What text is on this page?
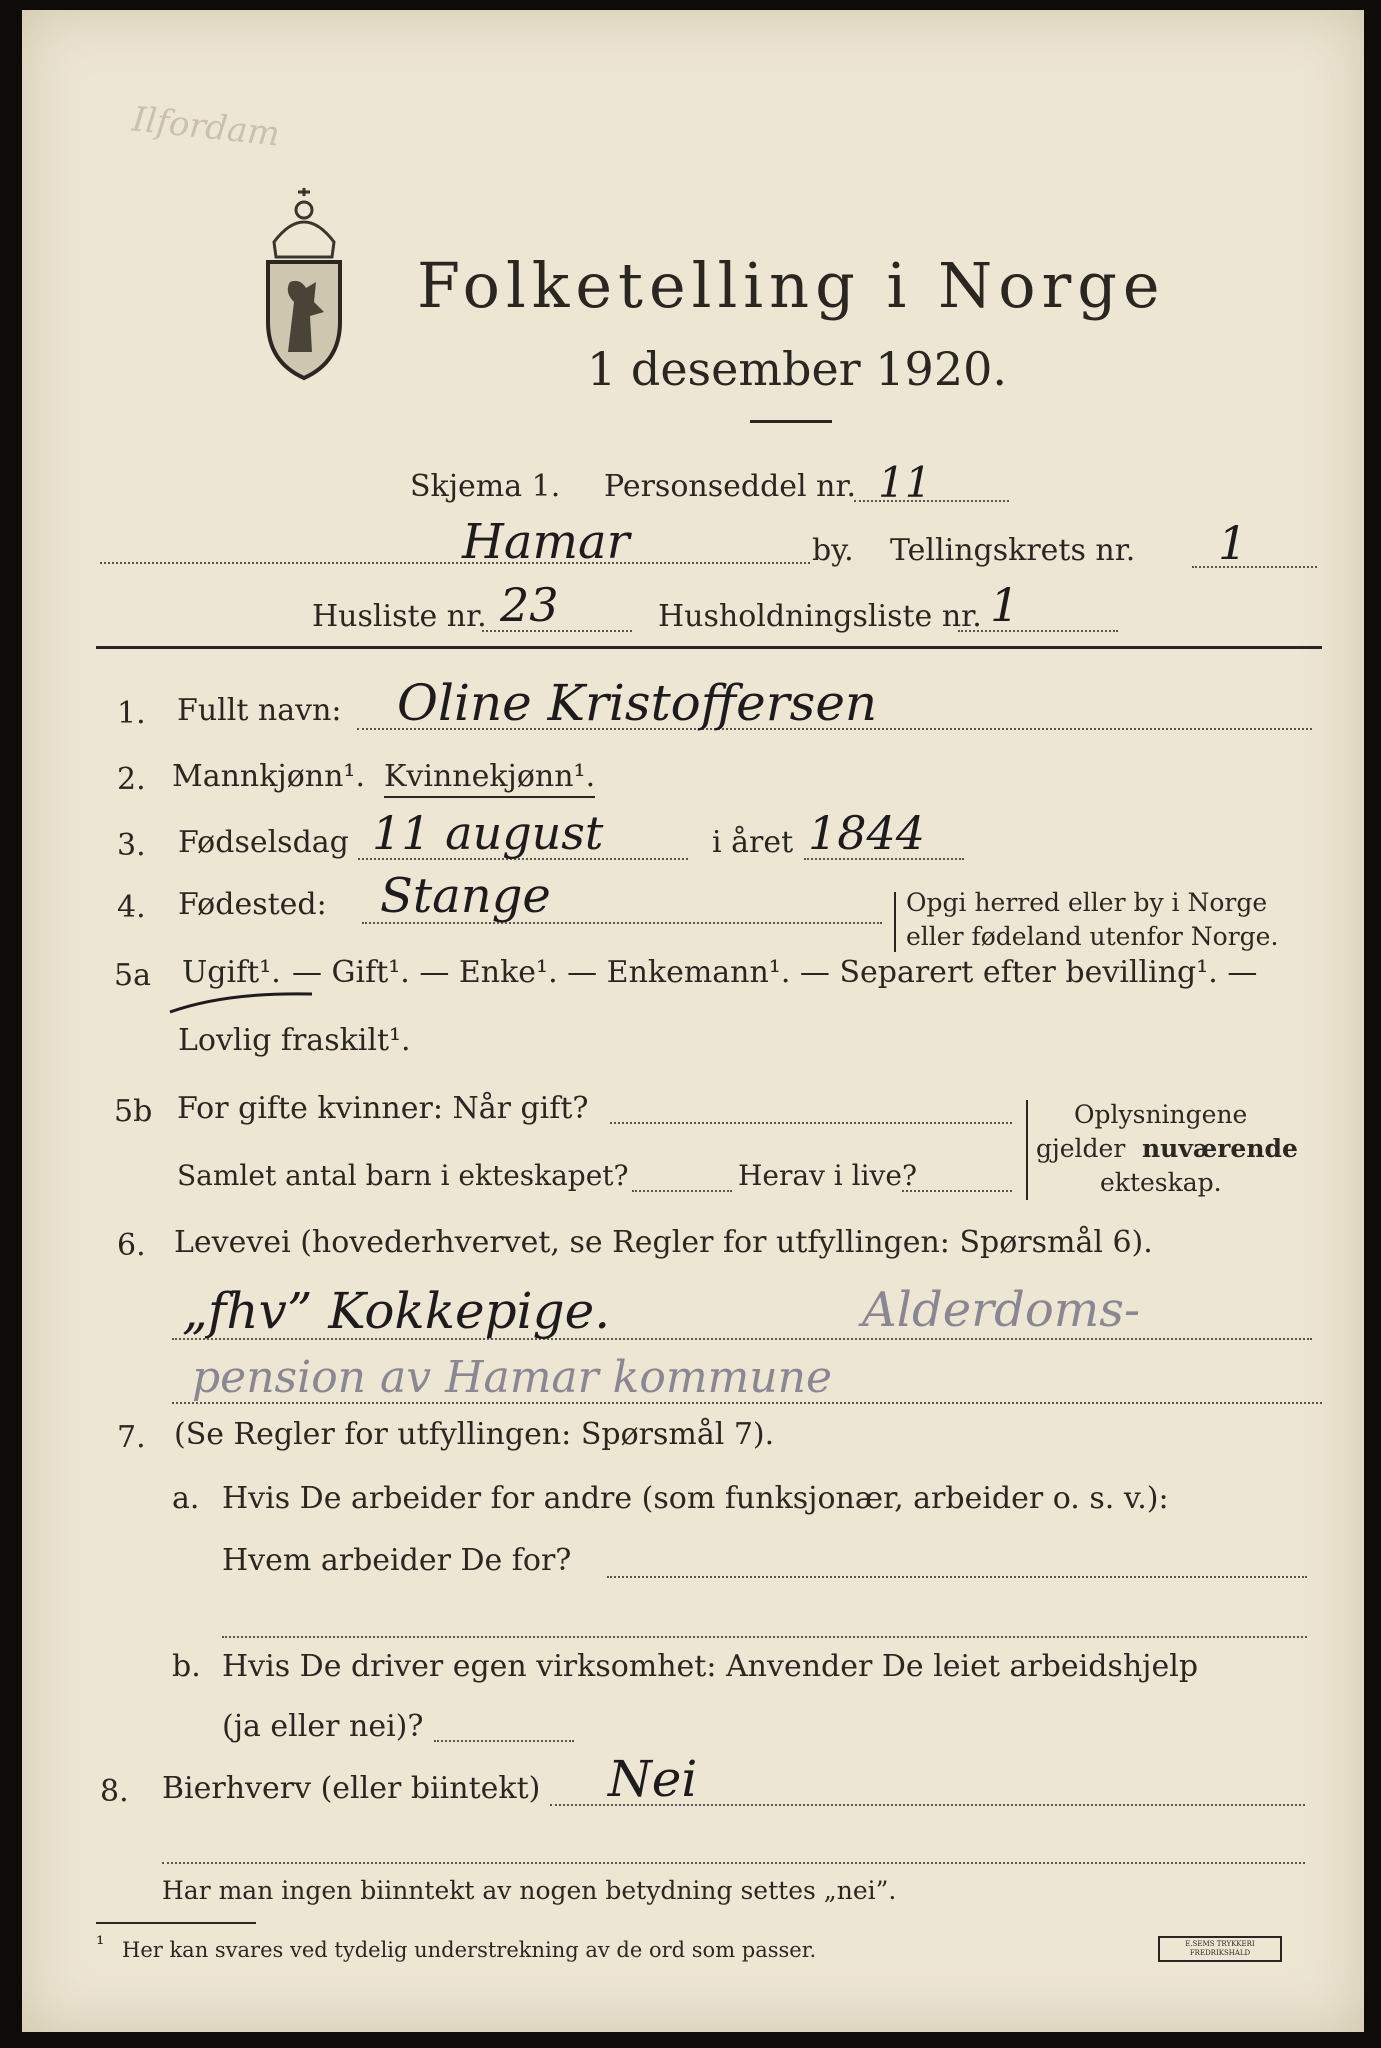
Ilfordam
Folketelling i Norge
1 desember 1920.
Skjema 1. Personseddel nr. 11
Hamar	by. Tellingskrets nr. 1
Husliste nr. 23	Husholdningsliste nr. 1
1. Fullt navn: Oline Kristoffersen
2. Mannkjønn¹. Kvinnekjønn¹.
3. Fødselsdag 11 august	i året 1844
4. Fødested: Stange	Opgi herred eller by i Norge
eller fødeland utenfor Norge.
5a Ugift¹. — Gift¹. — Enke¹. — Enkemann¹. — Separert efter bevilling¹. —
Lovlig fraskilt¹.
5b For gifte kvinner: Når gift?
Samlet antal barn i ekteskapet?	Herav i live?
Oplysningene
gjelder nuværende
ekteskap.
6. Levevei (hovederhvervet, se Regler for utfyllingen: Spørsmål 6).
„fhv” Kokkepige.	Alderdoms-
pension av Hamar kommune
7. (Se Regler for utfyllingen: Spørsmål 7).
a. Hvis De arbeider for andre (som funksjonær, arbeider o. s. v.):
Hvem arbeider De for?
b. Hvis De driver egen virksomhet: Anvender De leiet arbeidshjelp
(ja eller nei)?
8. Bierhverv (eller biintekt) Nei
Har man ingen biinntekt av nogen betydning settes „nei”.
¹ Her kan svares ved tydelig understrekning av de ord som passer.	E.SEMS TRYKKERI FREDRIKSHALD
